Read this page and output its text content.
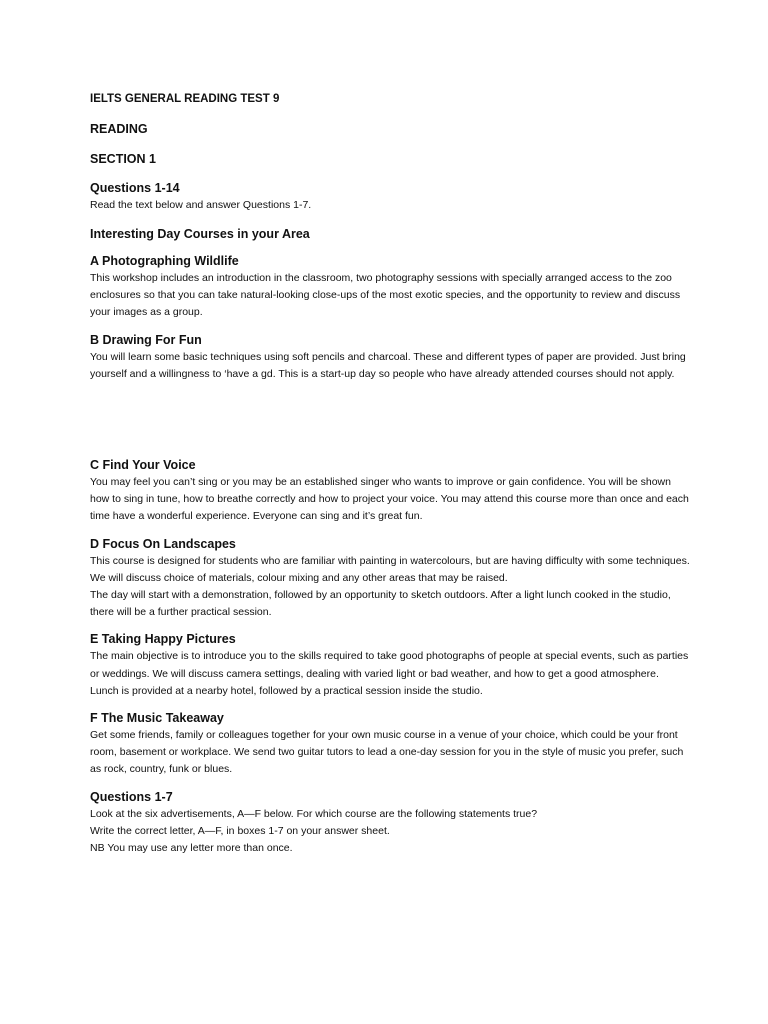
IELTS GENERAL READING TEST 9
READING
SECTION 1
Questions 1-14
Read the text below and answer Questions 1-7.
Interesting Day Courses in your Area
A Photographing Wildlife

This workshop includes an introduction in the classroom, two photography sessions with specially arranged access to the zoo enclosures so that you can take natural-looking close-ups of the most exotic species, and the opportunity to review and discuss your images as a group.

B Drawing For Fun

You will learn some basic techniques using soft pencils and charcoal. These and different types of paper are provided. Just bring yourself and a willingness to ‘have a gd. This is a start-up day so people who have already attended courses should not apply.

C Find Your Voice

You may feel you can’t sing or you may be an established singer who wants to improve or gain confidence. You will be shown how to sing in tune, how to breathe correctly and how to project your voice. You may attend this course more than once and each time have a wonderful experience. Everyone can sing and it’s great fun.

D Focus On Landscapes

This course is designed for students who are familiar with painting in watercolours, but are having difficulty with some techniques. We will discuss choice of materials, colour mixing and any other areas that may be raised.

The day will start with a demonstration, followed by an opportunity to sketch outdoors. After a light lunch cooked in the studio, there will be a further practical session.

E Taking Happy Pictures

The main objective is to introduce you to the skills required to take good photographs of people at special events, such as parties or weddings. We will discuss camera settings, dealing with varied light or bad weather, and how to get a good atmosphere. Lunch is provided at a nearby hotel, followed by a practical session inside the studio.

F The Music Takeaway

Get some friends, family or colleagues together for your own music course in a venue of your choice, which could be your front room, basement or workplace. We send two guitar tutors to lead a one-day session for you in the style of music you prefer, such as rock, country, funk or blues.

Questions 1-7

Look at the six advertisements, A—F below. For which course are the following statements true?

Write the correct letter, A—F, in boxes 1-7 on your answer sheet.

NB You may use any letter more than once.
